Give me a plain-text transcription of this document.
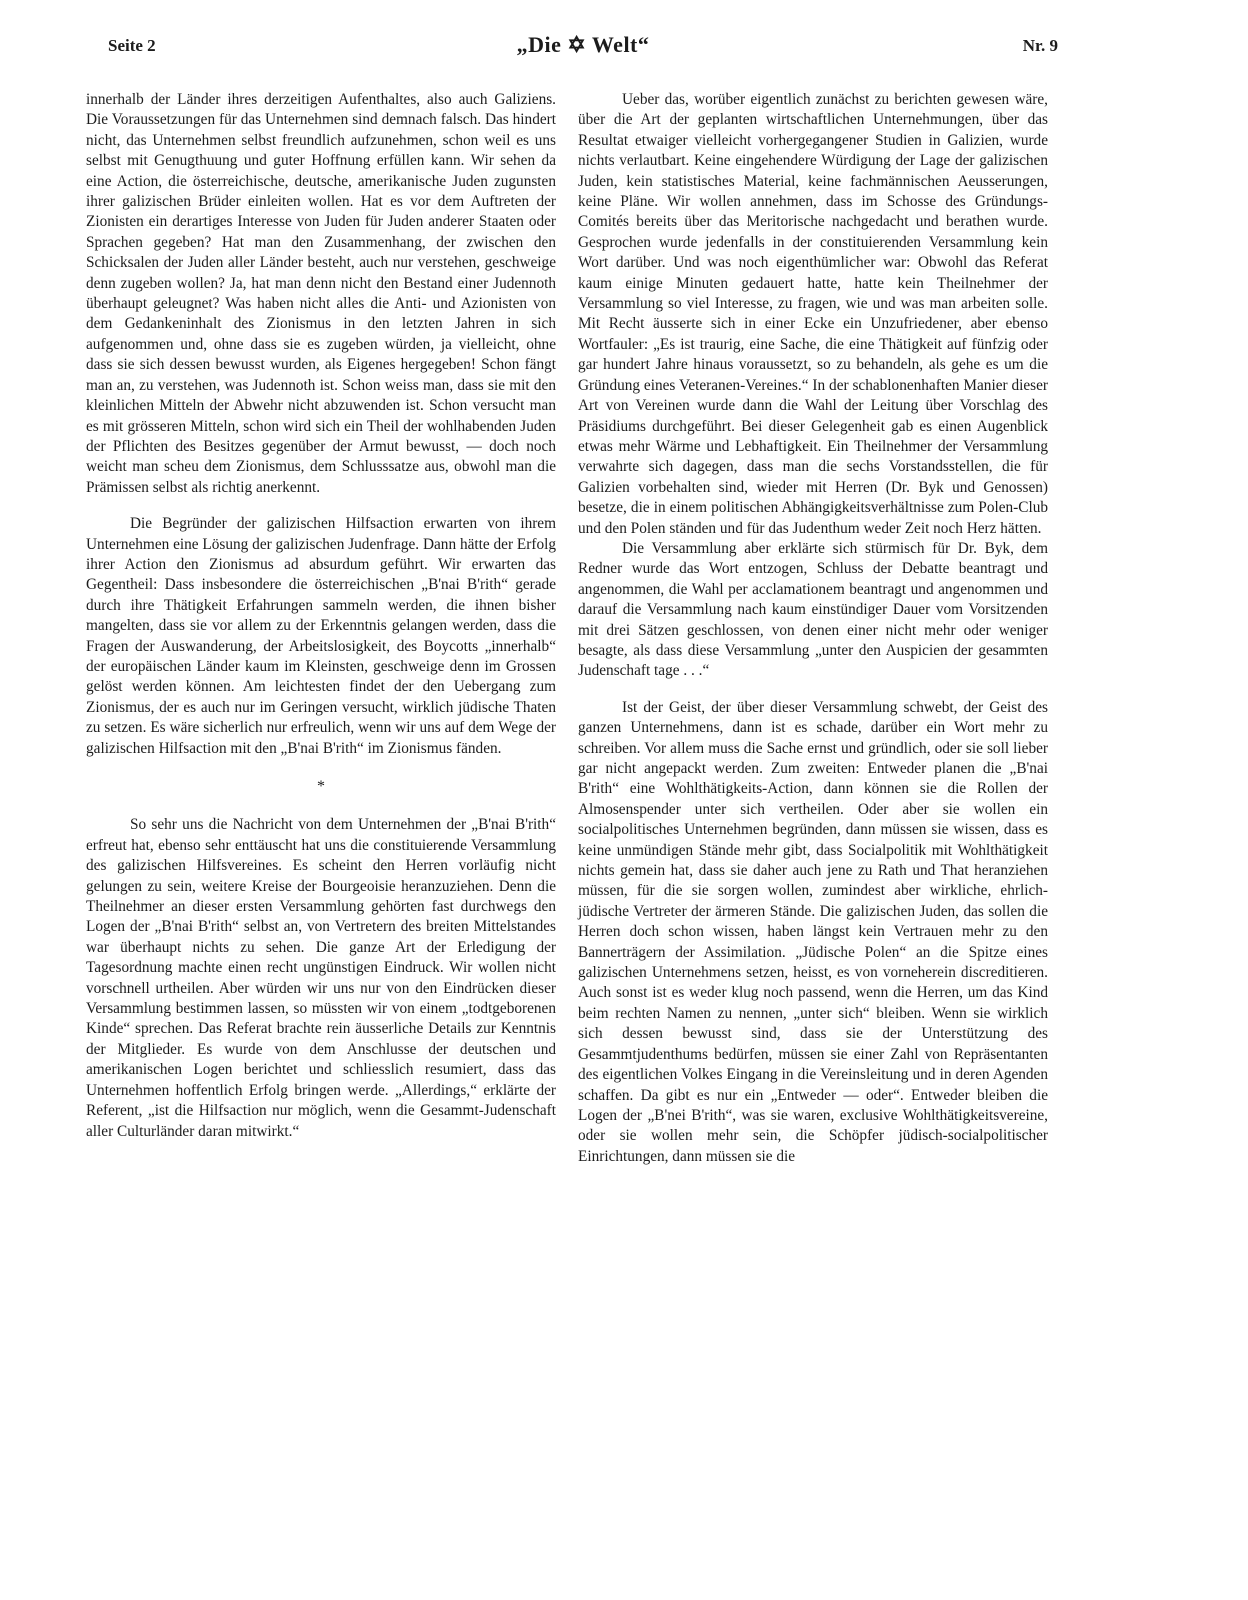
Seite 2	„Die ✡ Welt“	Nr. 9

innerhalb der Länder ihres derzeitigen Aufenthaltes, also auch Galiziens. Die Voraussetzungen für das Unternehmen sind demnach falsch. Das hindert nicht, das Unternehmen selbst freundlich aufzunehmen, schon weil es uns selbst mit Genugthuung und guter Hoffnung erfüllen kann. Wir sehen da eine Action, die österreichische, deutsche, amerikanische Juden zugunsten ihrer galizischen Brüder einleiten wollen. Hat es vor dem Auftreten der Zionisten ein derartiges Interesse von Juden für Juden anderer Staaten oder Sprachen gegeben? Hat man den Zusammenhang, der zwischen den Schicksalen der Juden aller Länder besteht, auch nur verstehen, geschweige denn zugeben wollen? Ja, hat man denn nicht den Bestand einer Judennoth überhaupt geleugnet? Was haben nicht alles die Anti- und Azionisten von dem Gedankeninhalt des Zionismus in den letzten Jahren in sich aufgenommen und, ohne dass sie es zugeben würden, ja vielleicht, ohne dass sie sich dessen bewusst wurden, als Eigenes hergegeben! Schon fängt man an, zu verstehen, was Judennoth ist. Schon weiss man, dass sie mit den kleinlichen Mitteln der Abwehr nicht abzuwenden ist. Schon versucht man es mit grösseren Mitteln, schon wird sich ein Theil der wohlhabenden Juden der Pflichten des Besitzes gegenüber der Armut bewusst, — doch noch weicht man scheu dem Zionismus, dem Schlusssatze aus, obwohl man die Prämissen selbst als richtig anerkennt.

Die Begründer der galizischen Hilfsaction erwarten von ihrem Unternehmen eine Lösung der galizischen Judenfrage. Dann hätte der Erfolg ihrer Action den Zionismus ad absurdum geführt. Wir erwarten das Gegentheil: Dass insbesondere die österreichischen „B'nai B'rith“ gerade durch ihre Thätigkeit Erfahrungen sammeln werden, die ihnen bisher mangelten, dass sie vor allem zu der Erkenntnis gelangen werden, dass die Fragen der Auswanderung, der Arbeitslosigkeit, des Boycotts „innerhalb“ der europäischen Länder kaum im Kleinsten, geschweige denn im Grossen gelöst werden können. Am leichtesten findet der den Uebergang zum Zionismus, der es auch nur im Geringen versucht, wirklich jüdische Thaten zu setzen. Es wäre sicherlich nur erfreulich, wenn wir uns auf dem Wege der galizischen Hilfsaction mit den „B'nai B'rith“ im Zionismus fänden.

*

So sehr uns die Nachricht von dem Unternehmen der „B'nai B'rith“ erfreut hat, ebenso sehr enttäuscht hat uns die constituierende Versammlung des galizischen Hilfsvereines. Es scheint den Herren vorläufig nicht gelungen zu sein, weitere Kreise der Bourgeoisie heranzuziehen. Denn die Theilnehmer an dieser ersten Versammlung gehörten fast durchwegs den Logen der „B'nai B'rith“ selbst an, von Vertretern des breiten Mittelstandes war überhaupt nichts zu sehen. Die ganze Art der Erledigung der Tagesordnung machte einen recht ungünstigen Eindruck. Wir wollen nicht vorschnell urtheilen. Aber würden wir uns nur von den Eindrücken dieser Versammlung bestimmen lassen, so müssten wir von einem „todtgeborenen Kinde“ sprechen. Das Referat brachte rein äusserliche Details zur Kenntnis der Mitglieder. Es wurde von dem Anschlusse der deutschen und amerikanischen Logen berichtet und schliesslich resumiert, dass das Unternehmen hoffentlich Erfolg bringen werde. „Allerdings,“ erklärte der Referent, „ist die Hilfsaction nur möglich, wenn die Gesammt-Judenschaft aller Culturländer daran mitwirkt.“

Ueber das, worüber eigentlich zunächst zu berichten gewesen wäre, über die Art der geplanten wirtschaftlichen Unternehmungen, über das Resultat etwaiger vielleicht vorhergegangener Studien in Galizien, wurde nichts verlautbart. Keine eingehendere Würdigung der Lage der galizischen Juden, kein statistisches Material, keine fachmännischen Aeusserungen, keine Pläne. Wir wollen annehmen, dass im Schosse des Gründungs-Comités bereits über das Meritorische nachgedacht und berathen wurde. Gesprochen wurde jedenfalls in der constituierenden Versammlung kein Wort darüber. Und was noch eigenthümlicher war: Obwohl das Referat kaum einige Minuten gedauert hatte, hatte kein Theilnehmer der Versammlung so viel Interesse, zu fragen, wie und was man arbeiten solle. Mit Recht äusserte sich in einer Ecke ein Unzufriedener, aber ebenso Wortfauler: „Es ist traurig, eine Sache, die eine Thätigkeit auf fünfzig oder gar hundert Jahre hinaus voraussetzt, so zu behandeln, als gehe es um die Gründung eines Veteranen-Vereines.“ In der schablonenhaften Manier dieser Art von Vereinen wurde dann die Wahl der Leitung über Vorschlag des Präsidiums durchgeführt. Bei dieser Gelegenheit gab es einen Augenblick etwas mehr Wärme und Lebhaftigkeit. Ein Theilnehmer der Versammlung verwahrte sich dagegen, dass man die sechs Vorstandsstellen, die für Galizien vorbehalten sind, wieder mit Herren (Dr. Byk und Genossen) besetze, die in einem politischen Abhängigkeitsverhältnisse zum Polen-Club und den Polen ständen und für das Judenthum weder Zeit noch Herz hätten.

Die Versammlung aber erklärte sich stürmisch für Dr. Byk, dem Redner wurde das Wort entzogen, Schluss der Debatte beantragt und angenommen, die Wahl per acclamationem beantragt und angenommen und darauf die Versammlung nach kaum einstündiger Dauer vom Vorsitzenden mit drei Sätzen geschlossen, von denen einer nicht mehr oder weniger besagte, als dass diese Versammlung „unter den Auspicien der gesammten Judenschaft tage . . .“

Ist der Geist, der über dieser Versammlung schwebt, der Geist des ganzen Unternehmens, dann ist es schade, darüber ein Wort mehr zu schreiben. Vor allem muss die Sache ernst und gründlich, oder sie soll lieber gar nicht angepackt werden. Zum zweiten: Entweder planen die „B'nai B'rith“ eine Wohlthätigkeits-Action, dann können sie die Rollen der Almosenspender unter sich vertheilen. Oder aber sie wollen ein socialpolitisches Unternehmen begründen, dann müssen sie wissen, dass es keine unmündigen Stände mehr gibt, dass Socialpolitik mit Wohlthätigkeit nichts gemein hat, dass sie daher auch jene zu Rath und That heranziehen müssen, für die sie sorgen wollen, zumindest aber wirkliche, ehrlich-jüdische Vertreter der ärmeren Stände. Die galizischen Juden, das sollen die Herren doch schon wissen, haben längst kein Vertrauen mehr zu den Bannerträgern der Assimilation. „Jüdische Polen“ an die Spitze eines galizischen Unternehmens setzen, heisst, es von vorneherein discreditieren. Auch sonst ist es weder klug noch passend, wenn die Herren, um das Kind beim rechten Namen zu nennen, „unter sich“ bleiben. Wenn sie wirklich sich dessen bewusst sind, dass sie der Unterstützung des Gesammtjudenthums bedürfen, müssen sie einer Zahl von Repräsentanten des eigentlichen Volkes Eingang in die Vereinsleitung und in deren Agenden schaffen. Da gibt es nur ein „Entweder — oder“. Entweder bleiben die Logen der „B'nei B'rith“, was sie waren, exclusive Wohlthätigkeitsvereine, oder sie wollen mehr sein, die Schöpfer jüdisch-socialpolitischer Einrichtungen, dann müssen sie die
